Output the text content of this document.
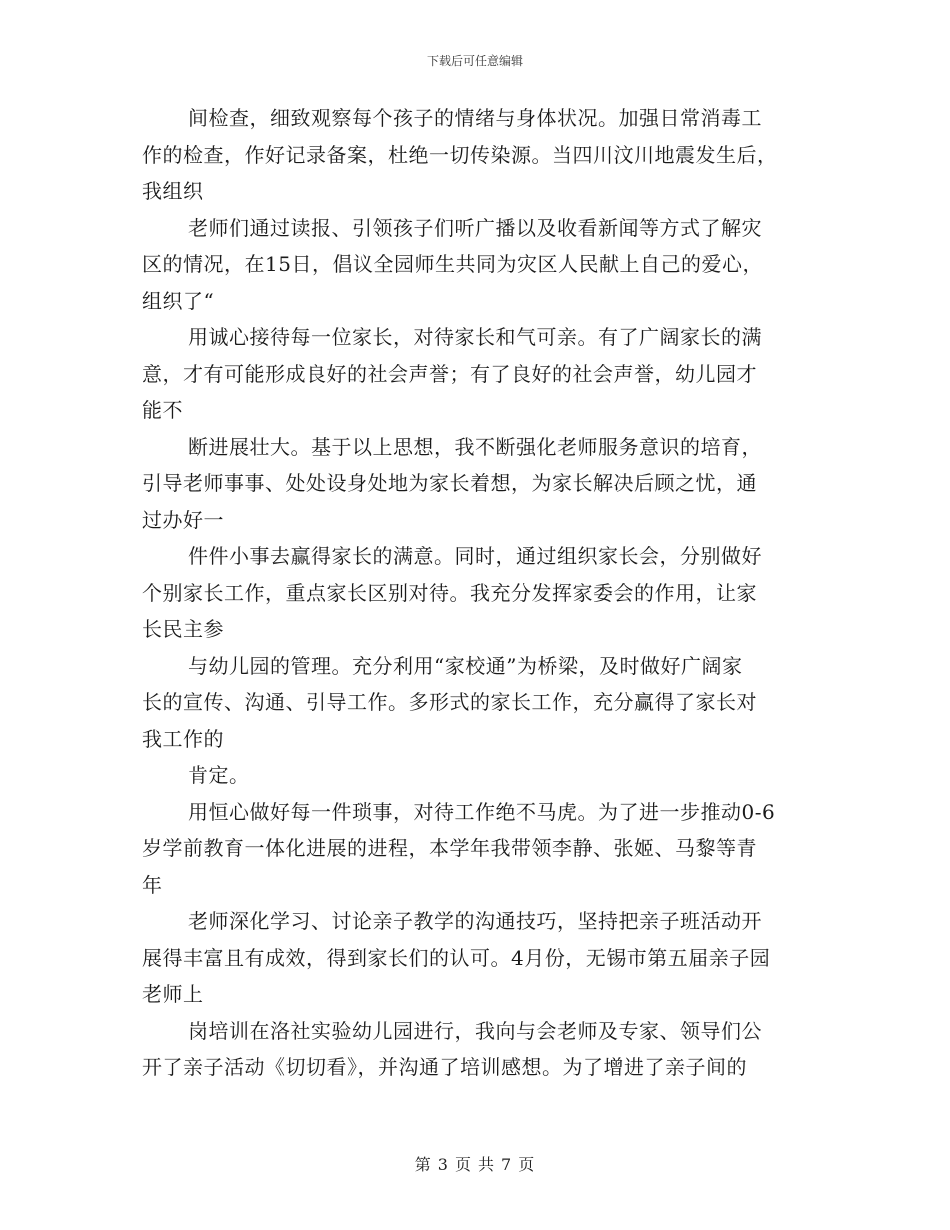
下载后可任意编辑
间检查，细致观察每个孩子的情绪与身体状况。加强日常消毒工
作的检查，作好记录备案，杜绝一切传染源。当四川汶川地震发生后，
我组织
老师们通过读报、引领孩子们听广播以及收看新闻等方式了解灾
区的情况，在15日，倡议全园师生共同为灾区人民献上自己的爱心，
组织了“
用诚心接待每一位家长，对待家长和气可亲。有了广阔家长的满
意，才有可能形成良好的社会声誉；有了良好的社会声誉，幼儿园才
能不
断进展壮大。基于以上思想，我不断强化老师服务意识的培育，
引导老师事事、处处设身处地为家长着想，为家长解决后顾之忧，通
过办好一
件件小事去赢得家长的满意。同时，通过组织家长会，分别做好
个别家长工作，重点家长区别对待。我充分发挥家委会的作用，让家
长民主参
与幼儿园的管理。充分利用“家校通”为桥梁，及时做好广阔家
长的宣传、沟通、引导工作。多形式的家长工作，充分赢得了家长对
我工作的
肯定。
用恒心做好每一件琐事，对待工作绝不马虎。为了进一步推动0-6
岁学前教育一体化进展的进程，本学年我带领李静、张姬、马黎等青
年
老师深化学习、讨论亲子教学的沟通技巧，坚持把亲子班活动开
展得丰富且有成效，得到家长们的认可。4月份，无锡市第五届亲子园
老师上
岗培训在洛社实验幼儿园进行，我向与会老师及专家、领导们公
开了亲子活动《切切看》，并沟通了培训感想。为了增进了亲子间的
第 3 页 共 7 页
